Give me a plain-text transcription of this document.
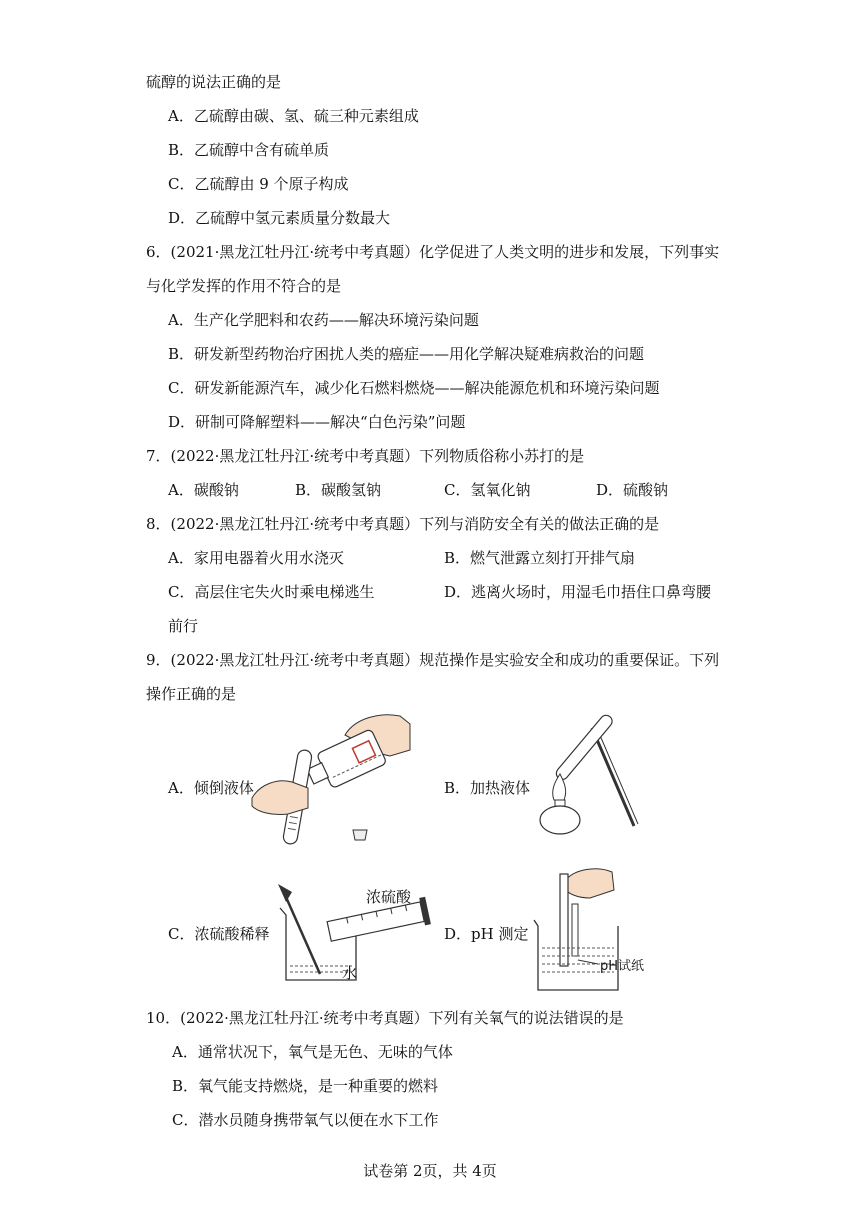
硫醇的说法正确的是
A．乙硫醇由碳、氢、硫三种元素组成
B．乙硫醇中含有硫单质
C．乙硫醇由 9 个原子构成
D．乙硫醇中氢元素质量分数最大
6．(2021·黑龙江牡丹江·统考中考真题）化学促进了人类文明的进步和发展，下列事实
与化学发挥的作用不符合的是
A．生产化学肥料和农药——解决环境污染问题
B．研发新型药物治疗困扰人类的癌症——用化学解决疑难病救治的问题
C．研发新能源汽车，减少化石燃料燃烧——解决能源危机和环境污染问题
D．研制可降解塑料——解决“白色污染”问题
7．(2022·黑龙江牡丹江·统考中考真题）下列物质俗称小苏打的是
A．碳酸钠	B．碳酸氢钠	C．氢氧化钠	D．硫酸钠
8．(2022·黑龙江牡丹江·统考中考真题）下列与消防安全有关的做法正确的是
A．家用电器着火用水浇灭	B．燃气泄露立刻打开排气扇
C．高层住宅失火时乘电梯逃生	D．逃离火场时，用湿毛巾捂住口鼻弯腰
前行
9．(2022·黑龙江牡丹江·统考中考真题）规范操作是实验安全和成功的重要保证。下列
操作正确的是
A．倾倒液体	B．加热液体
C．浓硫酸稀释	D．pH 测定
浓硫酸
水	pH试纸
10．(2022·黑龙江牡丹江·统考中考真题）下列有关氧气的说法错误的是
A．通常状况下，氧气是无色、无味的气体
B．氧气能支持燃烧，是一种重要的燃料
C．潜水员随身携带氧气以便在水下工作
试卷第 2页，共 4页
